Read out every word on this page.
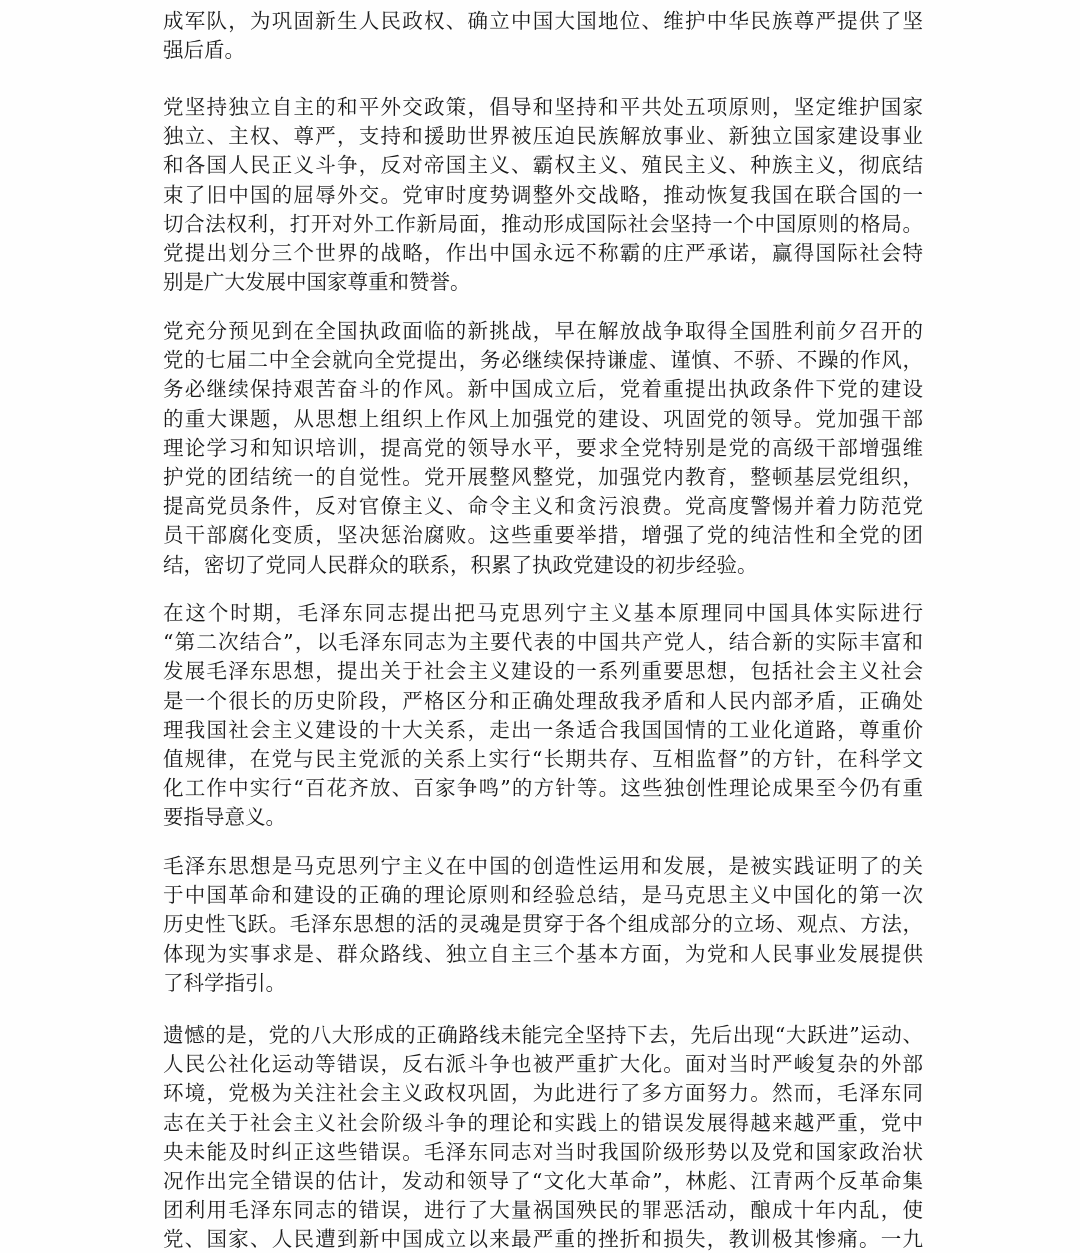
成军队，为巩固新生人民政权、确立中国大国地位、维护中华民族尊严提供了坚
强后盾。
党坚持独立自主的和平外交政策，倡导和坚持和平共处五项原则，坚定维护国家
独立、主权、尊严，支持和援助世界被压迫民族解放事业、新独立国家建设事业
和各国人民正义斗争，反对帝国主义、霸权主义、殖民主义、种族主义，彻底结
束了旧中国的屈辱外交。党审时度势调整外交战略，推动恢复我国在联合国的一
切合法权利，打开对外工作新局面，推动形成国际社会坚持一个中国原则的格局。
党提出划分三个世界的战略，作出中国永远不称霸的庄严承诺，赢得国际社会特
别是广大发展中国家尊重和赞誉。
党充分预见到在全国执政面临的新挑战，早在解放战争取得全国胜利前夕召开的
党的七届二中全会就向全党提出，务必继续保持谦虚、谨慎、不骄、不躁的作风，
务必继续保持艰苦奋斗的作风。新中国成立后，党着重提出执政条件下党的建设
的重大课题，从思想上组织上作风上加强党的建设、巩固党的领导。党加强干部
理论学习和知识培训，提高党的领导水平，要求全党特别是党的高级干部增强维
护党的团结统一的自觉性。党开展整风整党，加强党内教育，整顿基层党组织，
提高党员条件，反对官僚主义、命令主义和贪污浪费。党高度警惕并着力防范党
员干部腐化变质，坚决惩治腐败。这些重要举措，增强了党的纯洁性和全党的团
结，密切了党同人民群众的联系，积累了执政党建设的初步经验。
在这个时期，毛泽东同志提出把马克思列宁主义基本原理同中国具体实际进行
“第二次结合”，以毛泽东同志为主要代表的中国共产党人，结合新的实际丰富和
发展毛泽东思想，提出关于社会主义建设的一系列重要思想，包括社会主义社会
是一个很长的历史阶段，严格区分和正确处理敌我矛盾和人民内部矛盾，正确处
理我国社会主义建设的十大关系，走出一条适合我国国情的工业化道路，尊重价
值规律，在党与民主党派的关系上实行“长期共存、互相监督”的方针，在科学文
化工作中实行“百花齐放、百家争鸣”的方针等。这些独创性理论成果至今仍有重
要指导意义。
毛泽东思想是马克思列宁主义在中国的创造性运用和发展，是被实践证明了的关
于中国革命和建设的正确的理论原则和经验总结，是马克思主义中国化的第一次
历史性飞跃。毛泽东思想的活的灵魂是贯穿于各个组成部分的立场、观点、方法，
体现为实事求是、群众路线、独立自主三个基本方面，为党和人民事业发展提供
了科学指引。
遗憾的是，党的八大形成的正确路线未能完全坚持下去，先后出现“大跃进”运动、
人民公社化运动等错误，反右派斗争也被严重扩大化。面对当时严峻复杂的外部
环境，党极为关注社会主义政权巩固，为此进行了多方面努力。然而，毛泽东同
志在关于社会主义社会阶级斗争的理论和实践上的错误发展得越来越严重，党中
央未能及时纠正这些错误。毛泽东同志对当时我国阶级形势以及党和国家政治状
况作出完全错误的估计，发动和领导了“文化大革命”，林彪、江青两个反革命集
团利用毛泽东同志的错误，进行了大量祸国殃民的罪恶活动，酿成十年内乱，使
党、国家、人民遭到新中国成立以来最严重的挫折和损失，教训极其惨痛。一九
